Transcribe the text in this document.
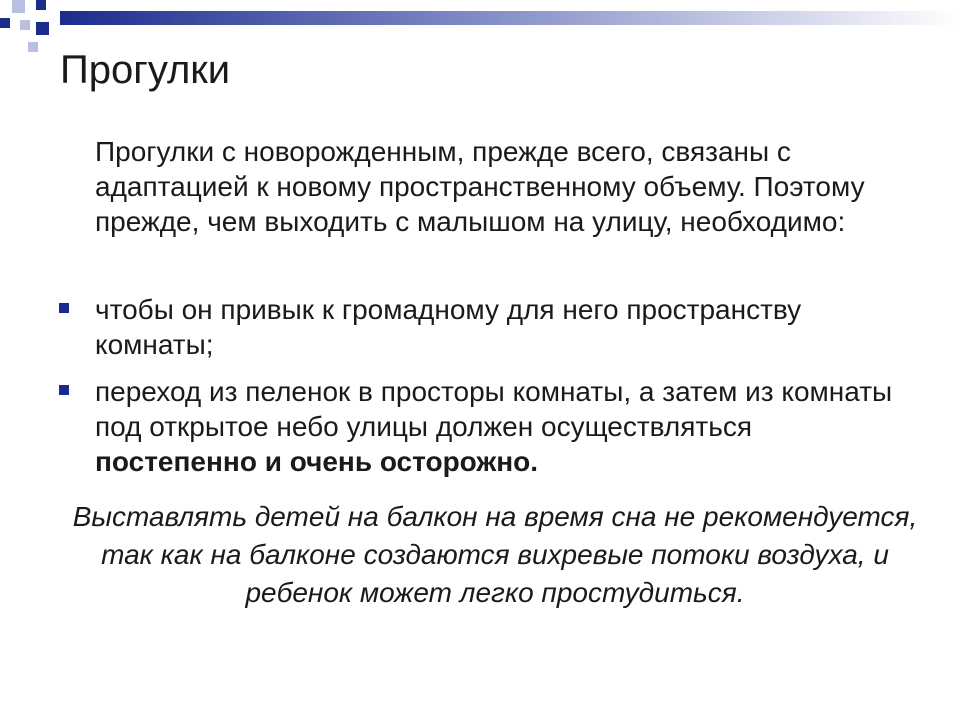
Прогулки

Прогулки с новорожденным, прежде всего, связаны с адаптацией к новому пространственному объему. Поэтому прежде, чем выходить с малышом на улицу, необходимо:

чтобы он привык к громадному для него пространству комнаты;

переход из пеленок в просторы комнаты, а затем из комнаты под открытое небо улицы должен осуществляться постепенно и очень осторожно.

Выставлять детей на балкон на время сна не рекомендуется, так как на балконе создаются вихревые потоки воздуха, и ребенок может легко простудиться.
